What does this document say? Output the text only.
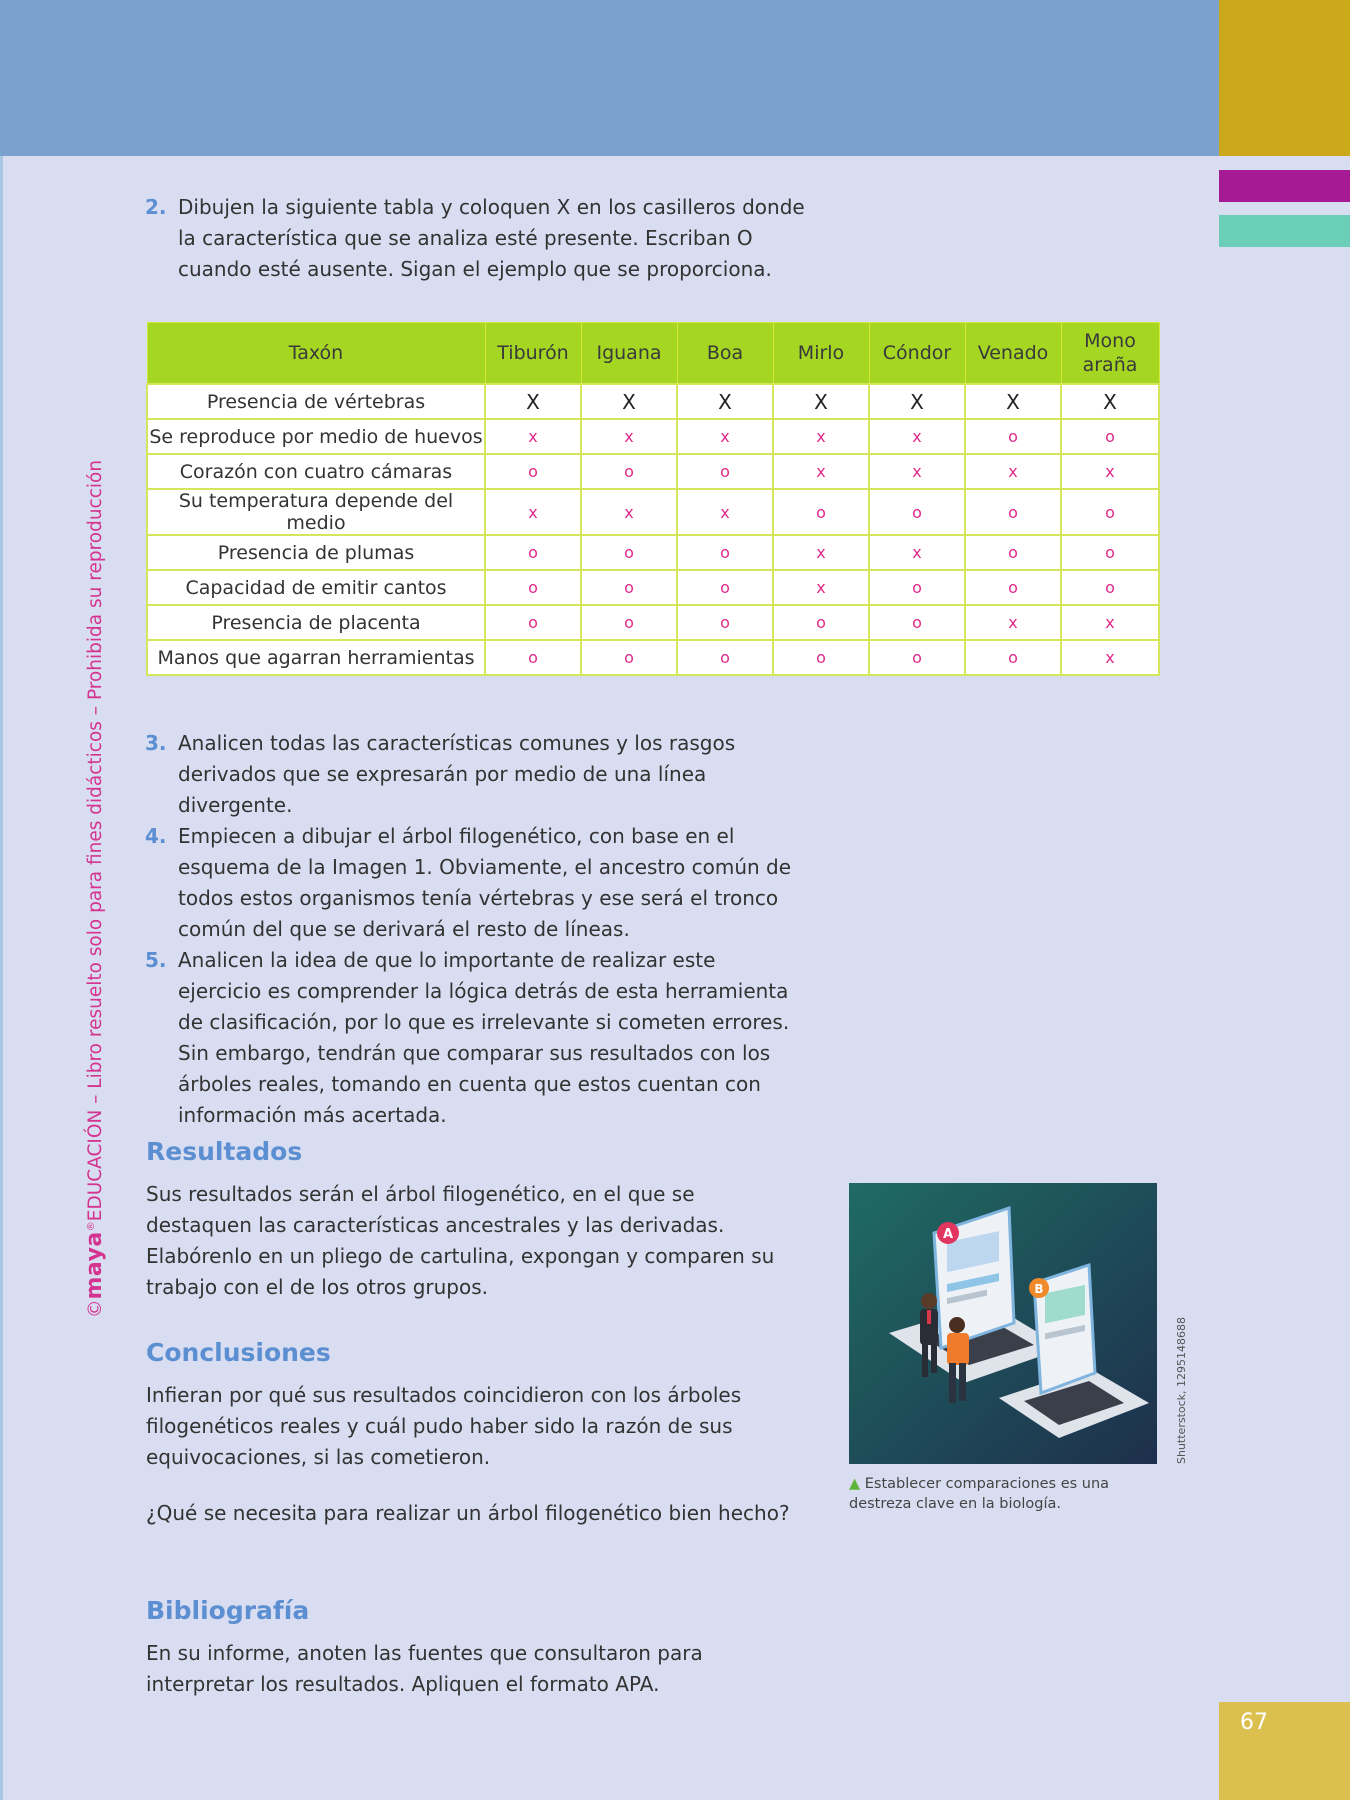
©maya®EDUCACIÓN – Libro resuelto solo para fines didácticos – Prohibida su reproducción
2. Dibujen la siguiente tabla y coloquen X en los casilleros donde la característica que se analiza esté presente. Escriban O cuando esté ausente. Sigan el ejemplo que se proporciona.
Taxón	Tiburón	Iguana	Boa	Mirlo	Cóndor	Venado	Mono araña
Presencia de vértebras	X	X	X	X	X	X	X
Se reproduce por medio de huevos	x	x	x	x	x	o	o
Corazón con cuatro cámaras	o	o	o	x	x	x	x
Su temperatura depende del medio	x	x	x	o	o	o	o
Presencia de plumas	o	o	o	x	x	o	o
Capacidad de emitir cantos	o	o	o	x	o	o	o
Presencia de placenta	o	o	o	o	o	x	x
Manos que agarran herramientas	o	o	o	o	o	o	x
3. Analicen todas las características comunes y los rasgos derivados que se expresarán por medio de una línea divergente.
4. Empiecen a dibujar el árbol filogenético, con base en el esquema de la Imagen 1. Obviamente, el ancestro común de todos estos organismos tenía vértebras y ese será el tronco común del que se derivará el resto de líneas.
5. Analicen la idea de que lo importante de realizar este ejercicio es comprender la lógica detrás de esta herramienta de clasificación, por lo que es irrelevante si cometen errores. Sin embargo, tendrán que comparar sus resultados con los árboles reales, tomando en cuenta que estos cuentan con información más acertada.
Resultados

Sus resultados serán el árbol filogenético, en el que se destaquen las características ancestrales y las derivadas. Elabórenlo en un pliego de cartulina, expongan y comparen su trabajo con el de los otros grupos.

Conclusiones

Infieran por qué sus resultados coincidieron con los árboles filogenéticos reales y cuál pudo haber sido la razón de sus equivocaciones, si las cometieron.

¿Qué se necesita para realizar un árbol filogenético bien hecho?

Bibliografía

En su informe, anoten las fuentes que consultaron para interpretar los resultados. Apliquen el formato APA.

A
B
Shutterstock, 1295148688
▲ Establecer comparaciones es una destreza clave en la biología.
67
